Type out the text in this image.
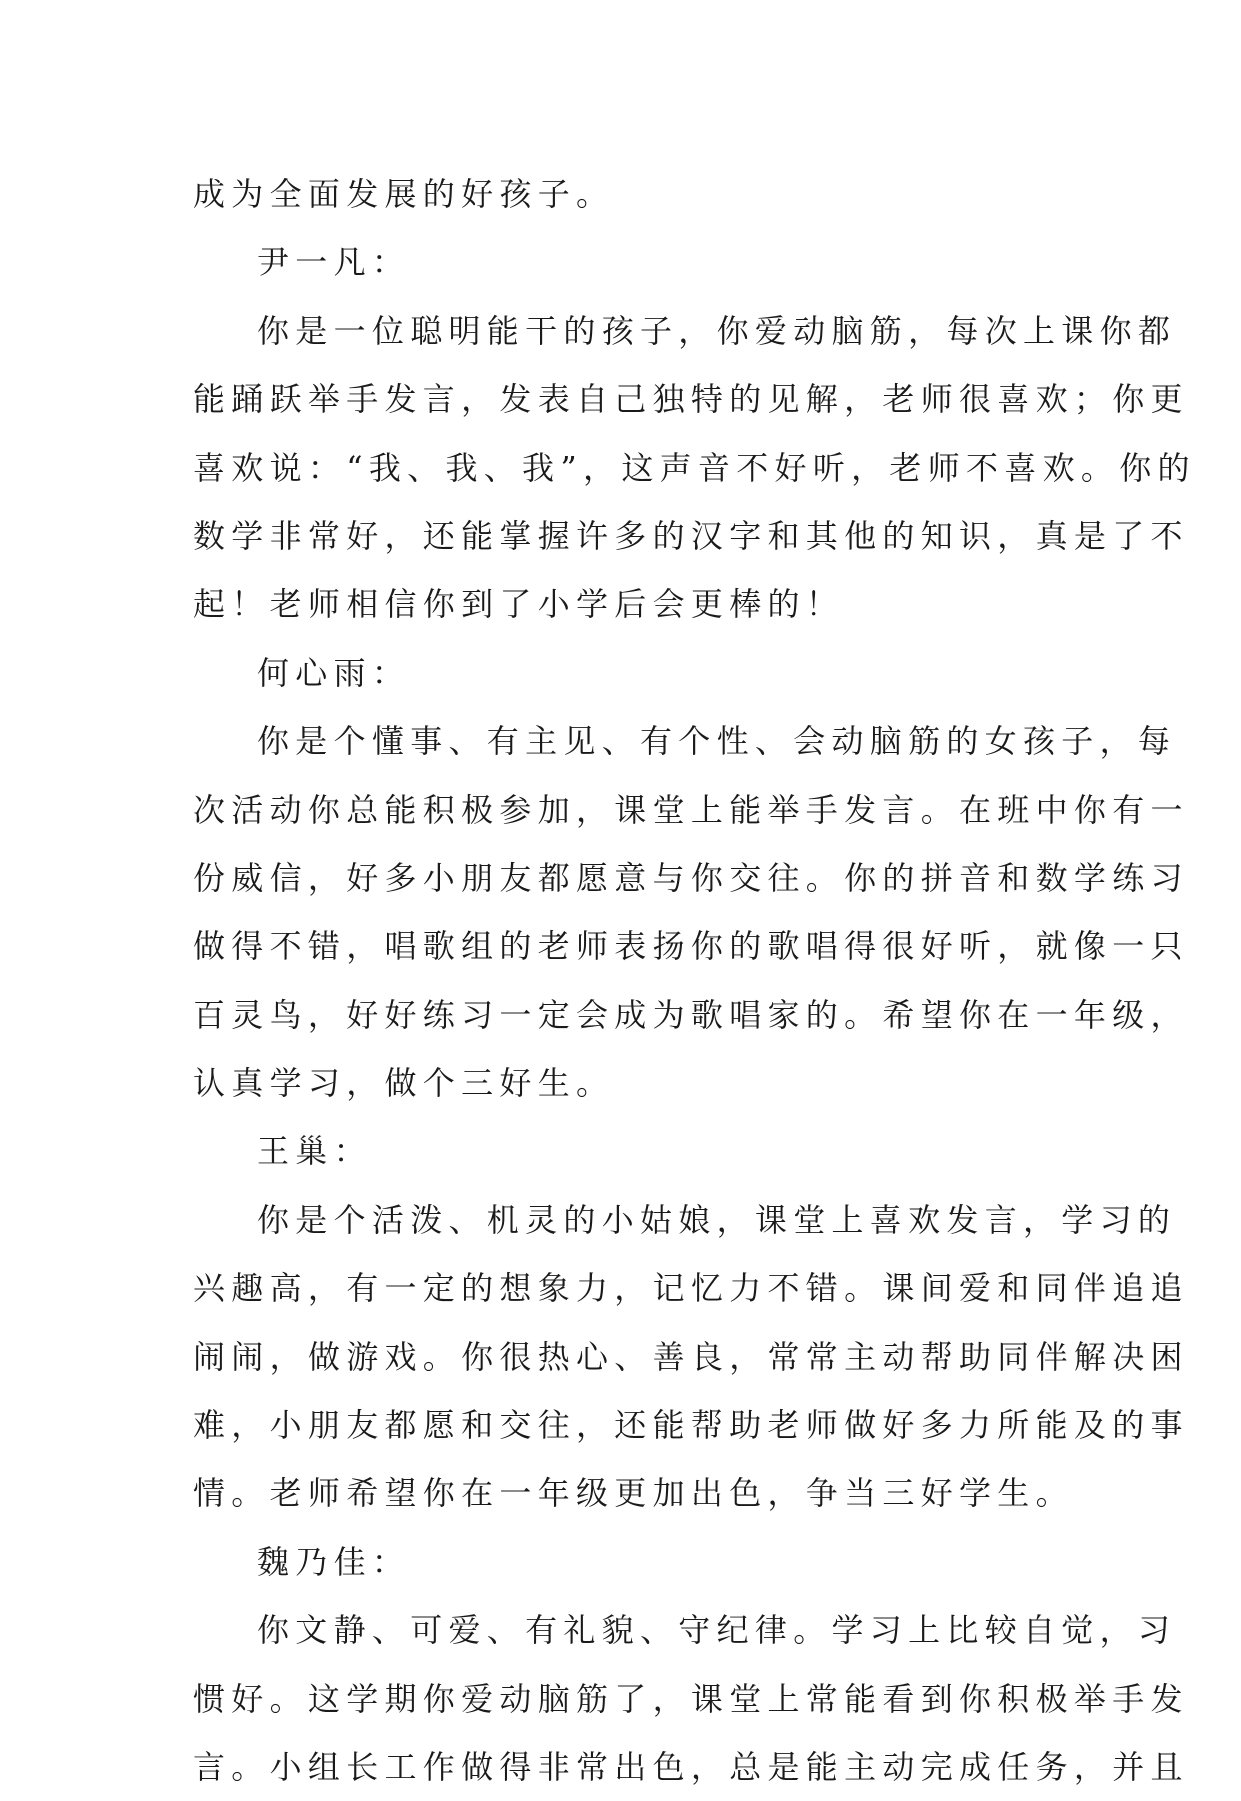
成为全面发展的好孩子。
尹一凡：
你是一位聪明能干的孩子，你爱动脑筋，每次上课你都
能踊跃举手发言，发表自己独特的见解，老师很喜欢；你更
喜欢说：“我、我、我”，这声音不好听，老师不喜欢。你的
数学非常好，还能掌握许多的汉字和其他的知识，真是了不
起！老师相信你到了小学后会更棒的！
何心雨：
你是个懂事、有主见、有个性、会动脑筋的女孩子，每
次活动你总能积极参加，课堂上能举手发言。在班中你有一
份威信，好多小朋友都愿意与你交往。你的拼音和数学练习
做得不错，唱歌组的老师表扬你的歌唱得很好听，就像一只
百灵鸟，好好练习一定会成为歌唱家的。希望你在一年级，
认真学习，做个三好生。
王巢：
你是个活泼、机灵的小姑娘，课堂上喜欢发言，学习的
兴趣高，有一定的想象力，记忆力不错。课间爱和同伴追追
闹闹，做游戏。你很热心、善良，常常主动帮助同伴解决困
难，小朋友都愿和交往，还能帮助老师做好多力所能及的事
情。老师希望你在一年级更加出色，争当三好学生。
魏乃佳：
你文静、可爱、有礼貌、守纪律。学习上比较自觉，习
惯好。这学期你爱动脑筋了，课堂上常能看到你积极举手发
言。小组长工作做得非常出色，总是能主动完成任务，并且
